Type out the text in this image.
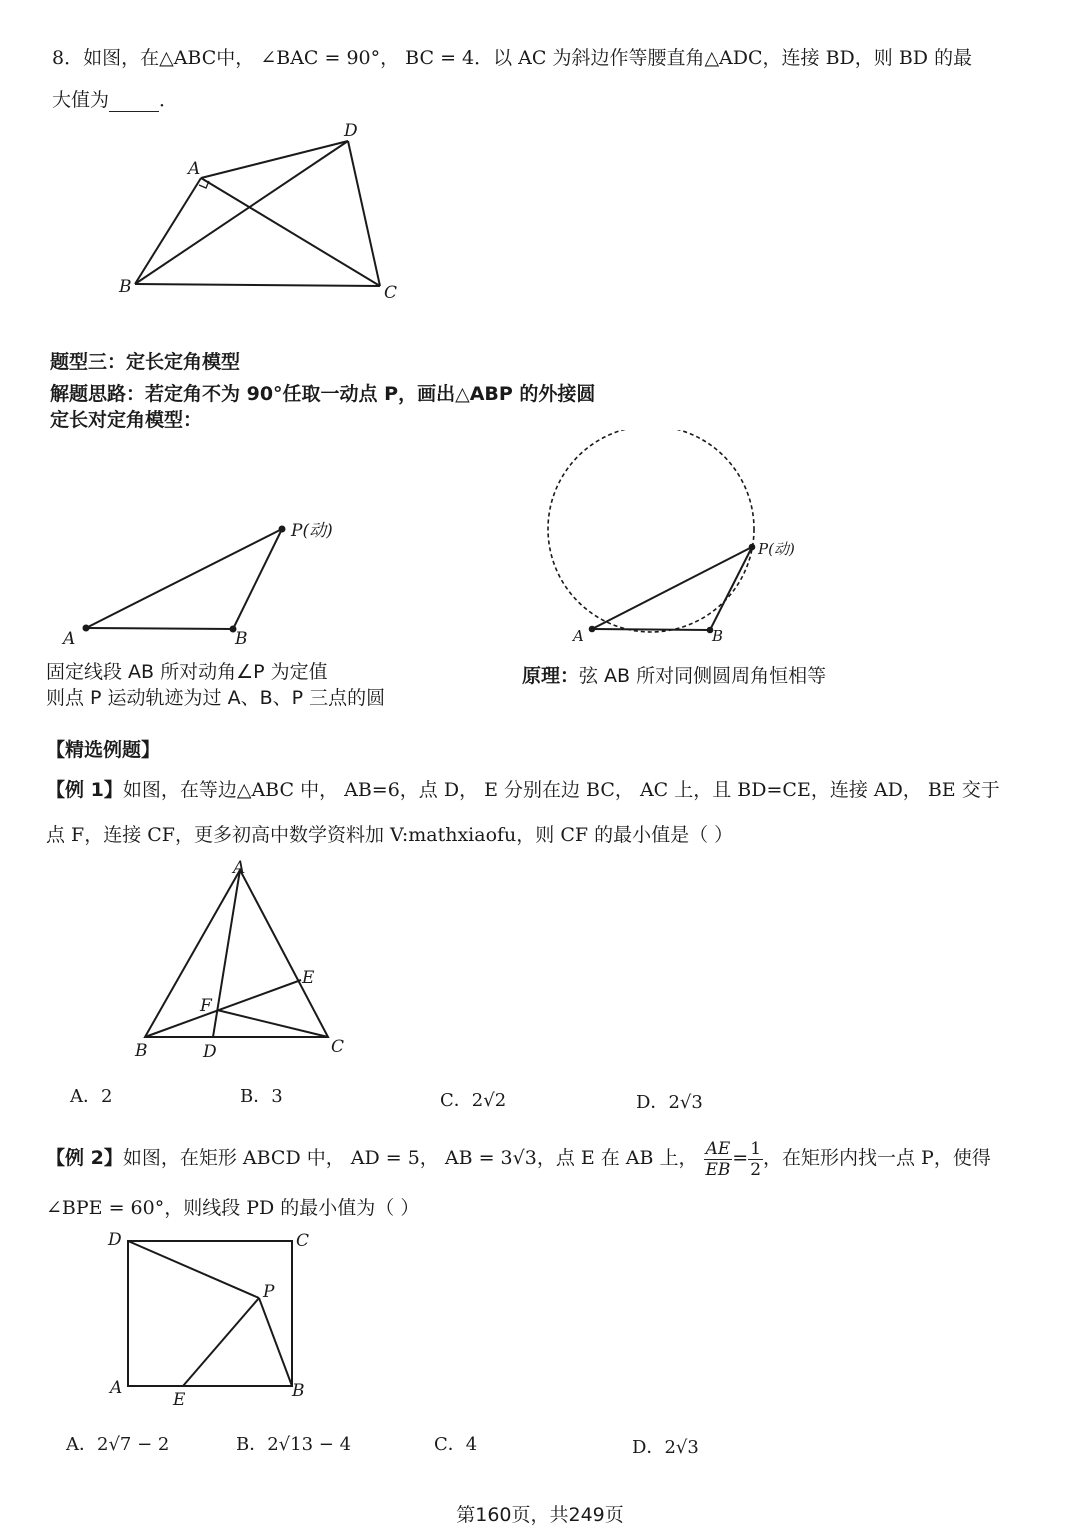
8．如图，在△ABC中， ∠BAC = 90°， BC = 4．以 AC 为斜边作等腰直角△ADC，连接 BD，则 BD 的最
大值为	．
A
B	C
D
题型三：定长定角模型
解题思路：若定角不为 90°任取一动点 P，画出△ABP 的外接圆
定长对定角模型：
A	B
P(动)
固定线段 AB 所对动角∠P 为定值
则点 P 运动轨迹为过 A、B、P 三点的圆
A	B
P(动)
原理：弦 AB 所对同侧圆周角恒相等
【精选例题】
【例 1】如图，在等边△ABC 中， AB=6，点 D， E 分别在边 BC， AC 上，且 BD=CE，连接 AD， BE 交于
点 F，连接 CF，更多初高中数学资料加 V:mathxiaofu，则 CF 的最小值是（ ）
A
B	C
D
E
F
A．2	B．3	C．2√2	D．2√3
【例 2】如图，在矩形 ABCD 中， AD = 5， AB = 3√3，点 E 在 AB 上， $\frac{AE}{EB} = \frac{1}{2}$ ，在矩形内找一点 P，使得
∠BPE = 60°，则线段 PD 的最小值为（ ）
A	B
C
D
E
P
A．2√7 − 2	B．2√13 − 4	C．4	D．2√3
第160页，共249页
